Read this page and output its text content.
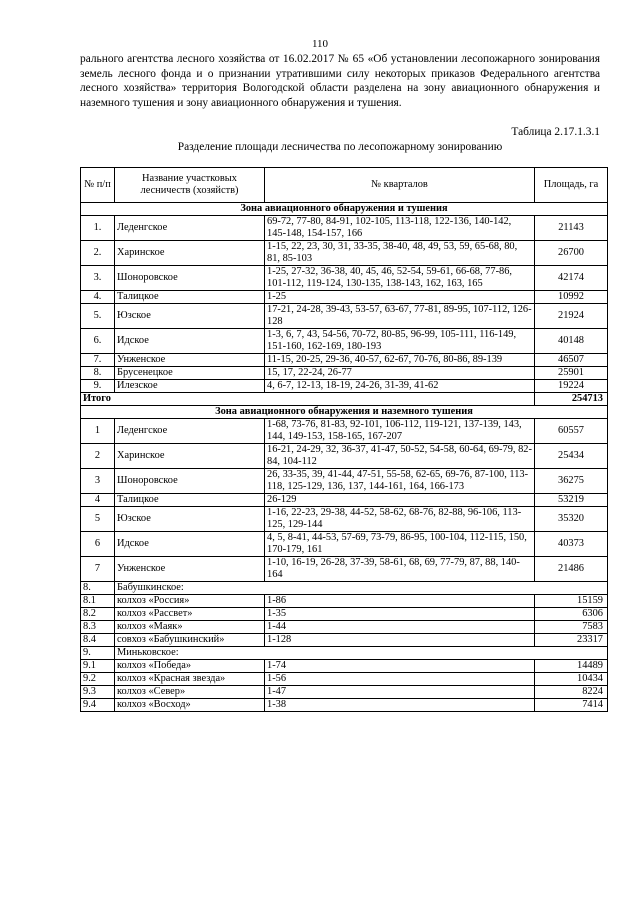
110
рального агентства лесного хозяйства от 16.02.2017 № 65 «Об установлении лесопожарного зонирования земель лесного фонда и о признании утратившими силу некоторых приказов Федерального агентства лесного хозяйства» территория Вологодской области разделена на зону авиационного обнаружения и наземного тушения и зону авиационного обнаружения и тушения.
Таблица 2.17.1.3.1
Разделение площади лесничества по лесопожарному зонированию
№ п/п	Название участковых лесничеств (хозяйств)	№ кварталов	Площадь, га
Зона авиационного обнаружения и тушения			
1.	Леденгское	69-72, 77-80, 84-91, 102-105, 113-118, 122-136, 140-142, 145-148, 154-157, 166	21143
2.	Харинское	1-15, 22, 23, 30, 31, 33-35, 38-40, 48, 49, 53, 59, 65-68, 80, 81, 85-103	26700
3.	Шоноровское	1-25, 27-32, 36-38, 40, 45, 46, 52-54, 59-61, 66-68, 77-86, 101-112, 119-124, 130-135, 138-143, 162, 163, 165	42174
4.	Талицкое	1-25	10992
5.	Юзское	17-21, 24-28, 39-43, 53-57, 63-67, 77-81, 89-95, 107-112, 126-128	21924
6.	Идское	1-3, 6, 7, 43, 54-56, 70-72, 80-85, 96-99, 105-111, 116-149, 151-160, 162-169, 180-193	40148
7.	Унженское	11-15, 20-25, 29-36, 40-57, 62-67, 70-76, 80-86, 89-139	46507
8.	Брусенецкое	15, 17, 22-24, 26-77	25901
9.	Илезское	4, 6-7, 12-13, 18-19, 24-26, 31-39, 41-62	19224
Итого			254713
Зона авиационного обнаружения и наземного тушения			
1	Леденгское	1-68, 73-76, 81-83, 92-101, 106-112, 119-121, 137-139, 143, 144, 149-153, 158-165, 167-207	60557
2	Харинское	16-21, 24-29, 32, 36-37, 41-47, 50-52, 54-58, 60-64, 69-79, 82-84, 104-112	25434
3	Шоноровское	26, 33-35, 39, 41-44, 47-51, 55-58, 62-65, 69-76, 87-100, 113-118, 125-129, 136, 137, 144-161, 164, 166-173	36275
4	Талицкое	26-129	53219
5	Юзское	1-16, 22-23, 29-38, 44-52, 58-62, 68-76, 82-88, 96-106, 113-125, 129-144	35320
6	Идское	4, 5, 8-41, 44-53, 57-69, 73-79, 86-95, 100-104, 112-115, 150, 170-179, 161	40373
7	Унженское	1-10, 16-19, 26-28, 37-39, 58-61, 68, 69, 77-79, 87, 88, 140-164	21486
8.	Бабушкинское:		
8.1	колхоз «Россия»	1-86	15159
8.2	колхоз «Рассвет»	1-35	6306
8.3	колхоз «Маяк»	1-44	7583
8.4	совхоз «Бабушкинский»	1-128	23317
9.	Миньковское:		
9.1	колхоз «Победа»	1-74	14489
9.2	колхоз «Красная звезда»	1-56	10434
9.3	колхоз «Север»	1-47	8224
9.4	колхоз «Восход»	1-38	7414
